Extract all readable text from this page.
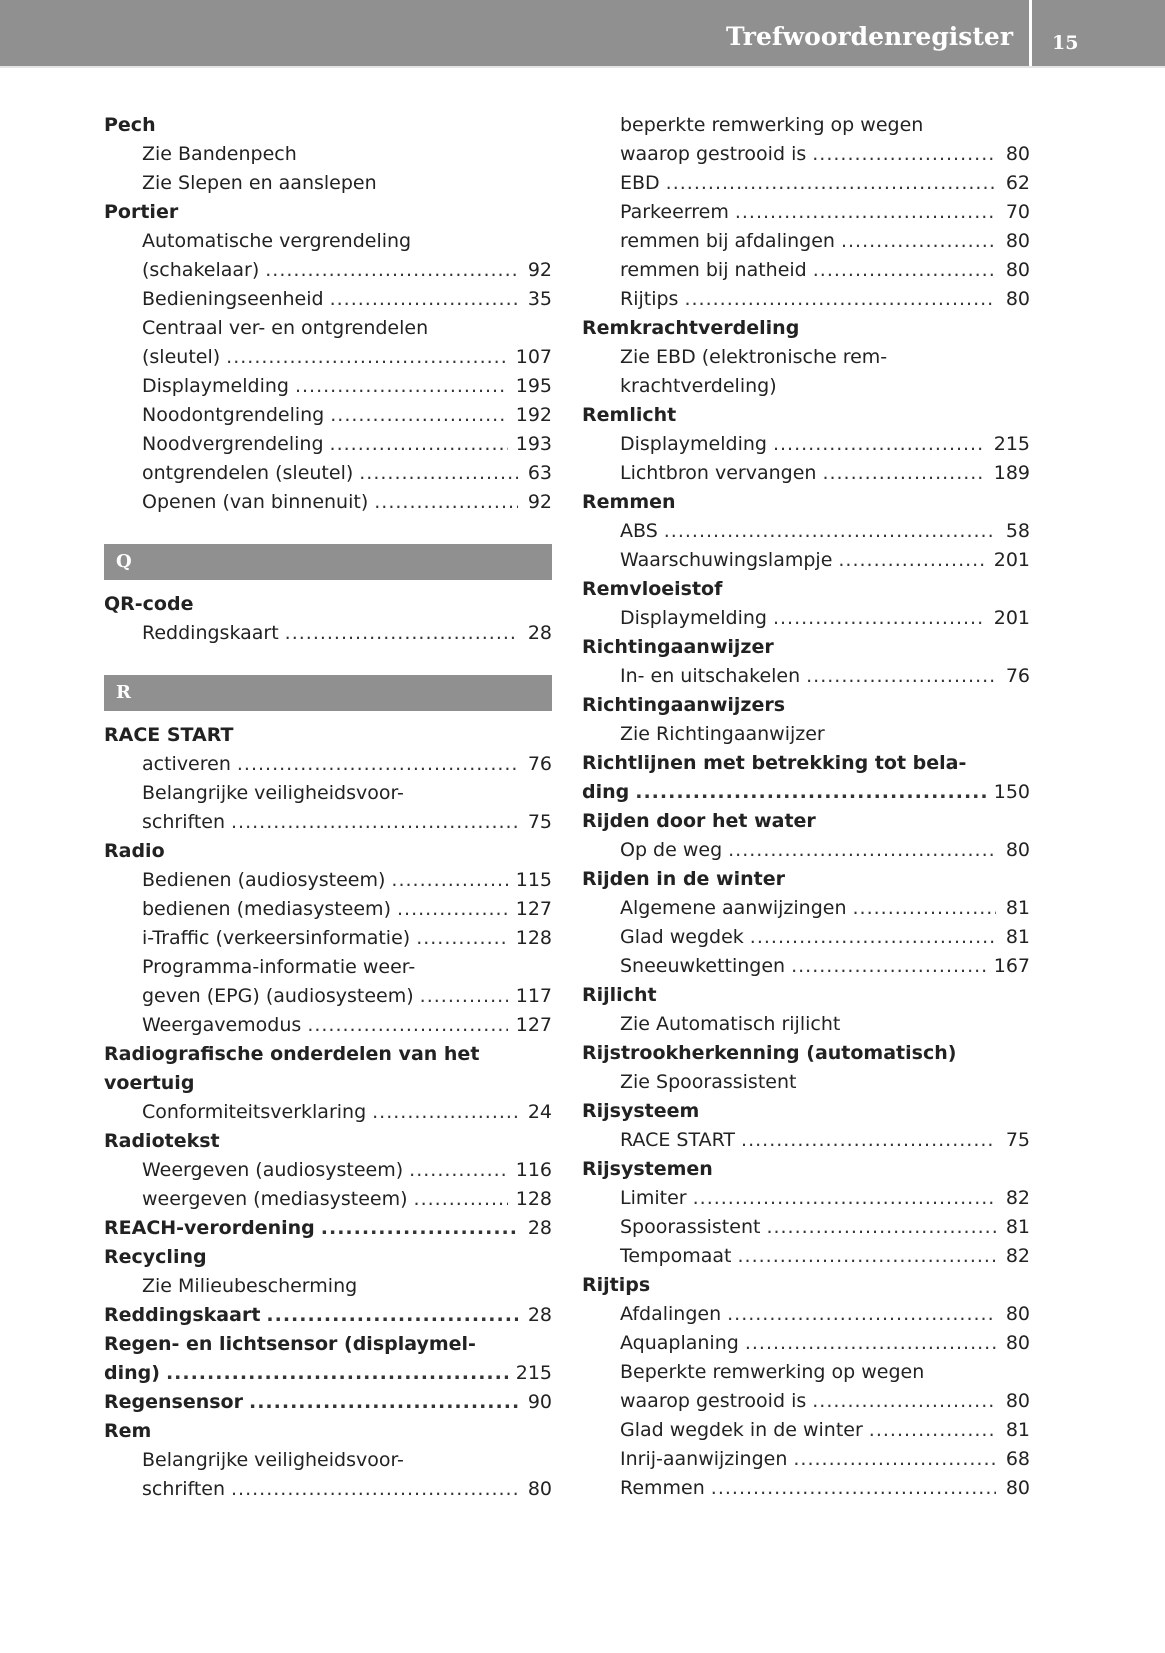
Trefwoordenregister 15
Pech
Zie Bandenpech
Zie Slepen en aanslepen
Portier
Automatische vergrendeling
(schakelaar) .....	92
Bedieningseenheid .....	35
Centraal ver- en ontgrendelen
(sleutel) .....	107
Displaymelding .....	195
Noodontgrendeling .....	192
Noodvergrendeling .....	193
ontgrendelen (sleutel) .....	63
Openen (van binnenuit) .....	92
Q
QR-code
Reddingskaart .....	28
R
RACE START
activeren .....	76
Belangrijke veiligheidsvoor-
schriften .....	75
Radio
Bedienen (audiosysteem) .....	115
bedienen (mediasysteem) .....	127
i-Traffic (verkeersinformatie) .....	128
Programma-informatie weer-
geven (EPG) (audiosysteem) .....	117
Weergavemodus .....	127
Radiografische onderdelen van het
voertuig
Conformiteitsverklaring .....	24
Radiotekst
Weergeven (audiosysteem) .....	116
weergeven (mediasysteem) .....	128
REACH-verordening .....	28
Recycling
Zie Milieubescherming
Reddingskaart .....	28
Regen- en lichtsensor (displaymel-
ding) .....	215
Regensensor .....	90
Rem
Belangrijke veiligheidsvoor-
schriften .....	80
beperkte remwerking op wegen
waarop gestrooid is .....	80
EBD .....	62
Parkeerrem .....	70
remmen bij afdalingen .....	80
remmen bij natheid .....	80
Rijtips .....	80
Remkrachtverdeling
Zie EBD (elektronische rem-
krachtverdeling)
Remlicht
Displaymelding .....	215
Lichtbron vervangen .....	189
Remmen
ABS .....	58
Waarschuwingslampje .....	201
Remvloeistof
Displaymelding .....	201
Richtingaanwijzer
In- en uitschakelen .....	76
Richtingaanwijzers
Zie Richtingaanwijzer
Richtlijnen met betrekking tot bela-
ding .....	150
Rijden door het water
Op de weg .....	80
Rijden in de winter
Algemene aanwijzingen .....	81
Glad wegdek .....	81
Sneeuwkettingen .....	167
Rijlicht
Zie Automatisch rijlicht
Rijstrookherkenning (automatisch)
Zie Spoorassistent
Rijsysteem
RACE START .....	75
Rijsystemen
Limiter .....	82
Spoorassistent .....	81
Tempomaat .....	82
Rijtips
Afdalingen .....	80
Aquaplaning .....	80
Beperkte remwerking op wegen
waarop gestrooid is .....	80
Glad wegdek in de winter .....	81
Inrij-aanwijzingen .....	68
Remmen .....	80
